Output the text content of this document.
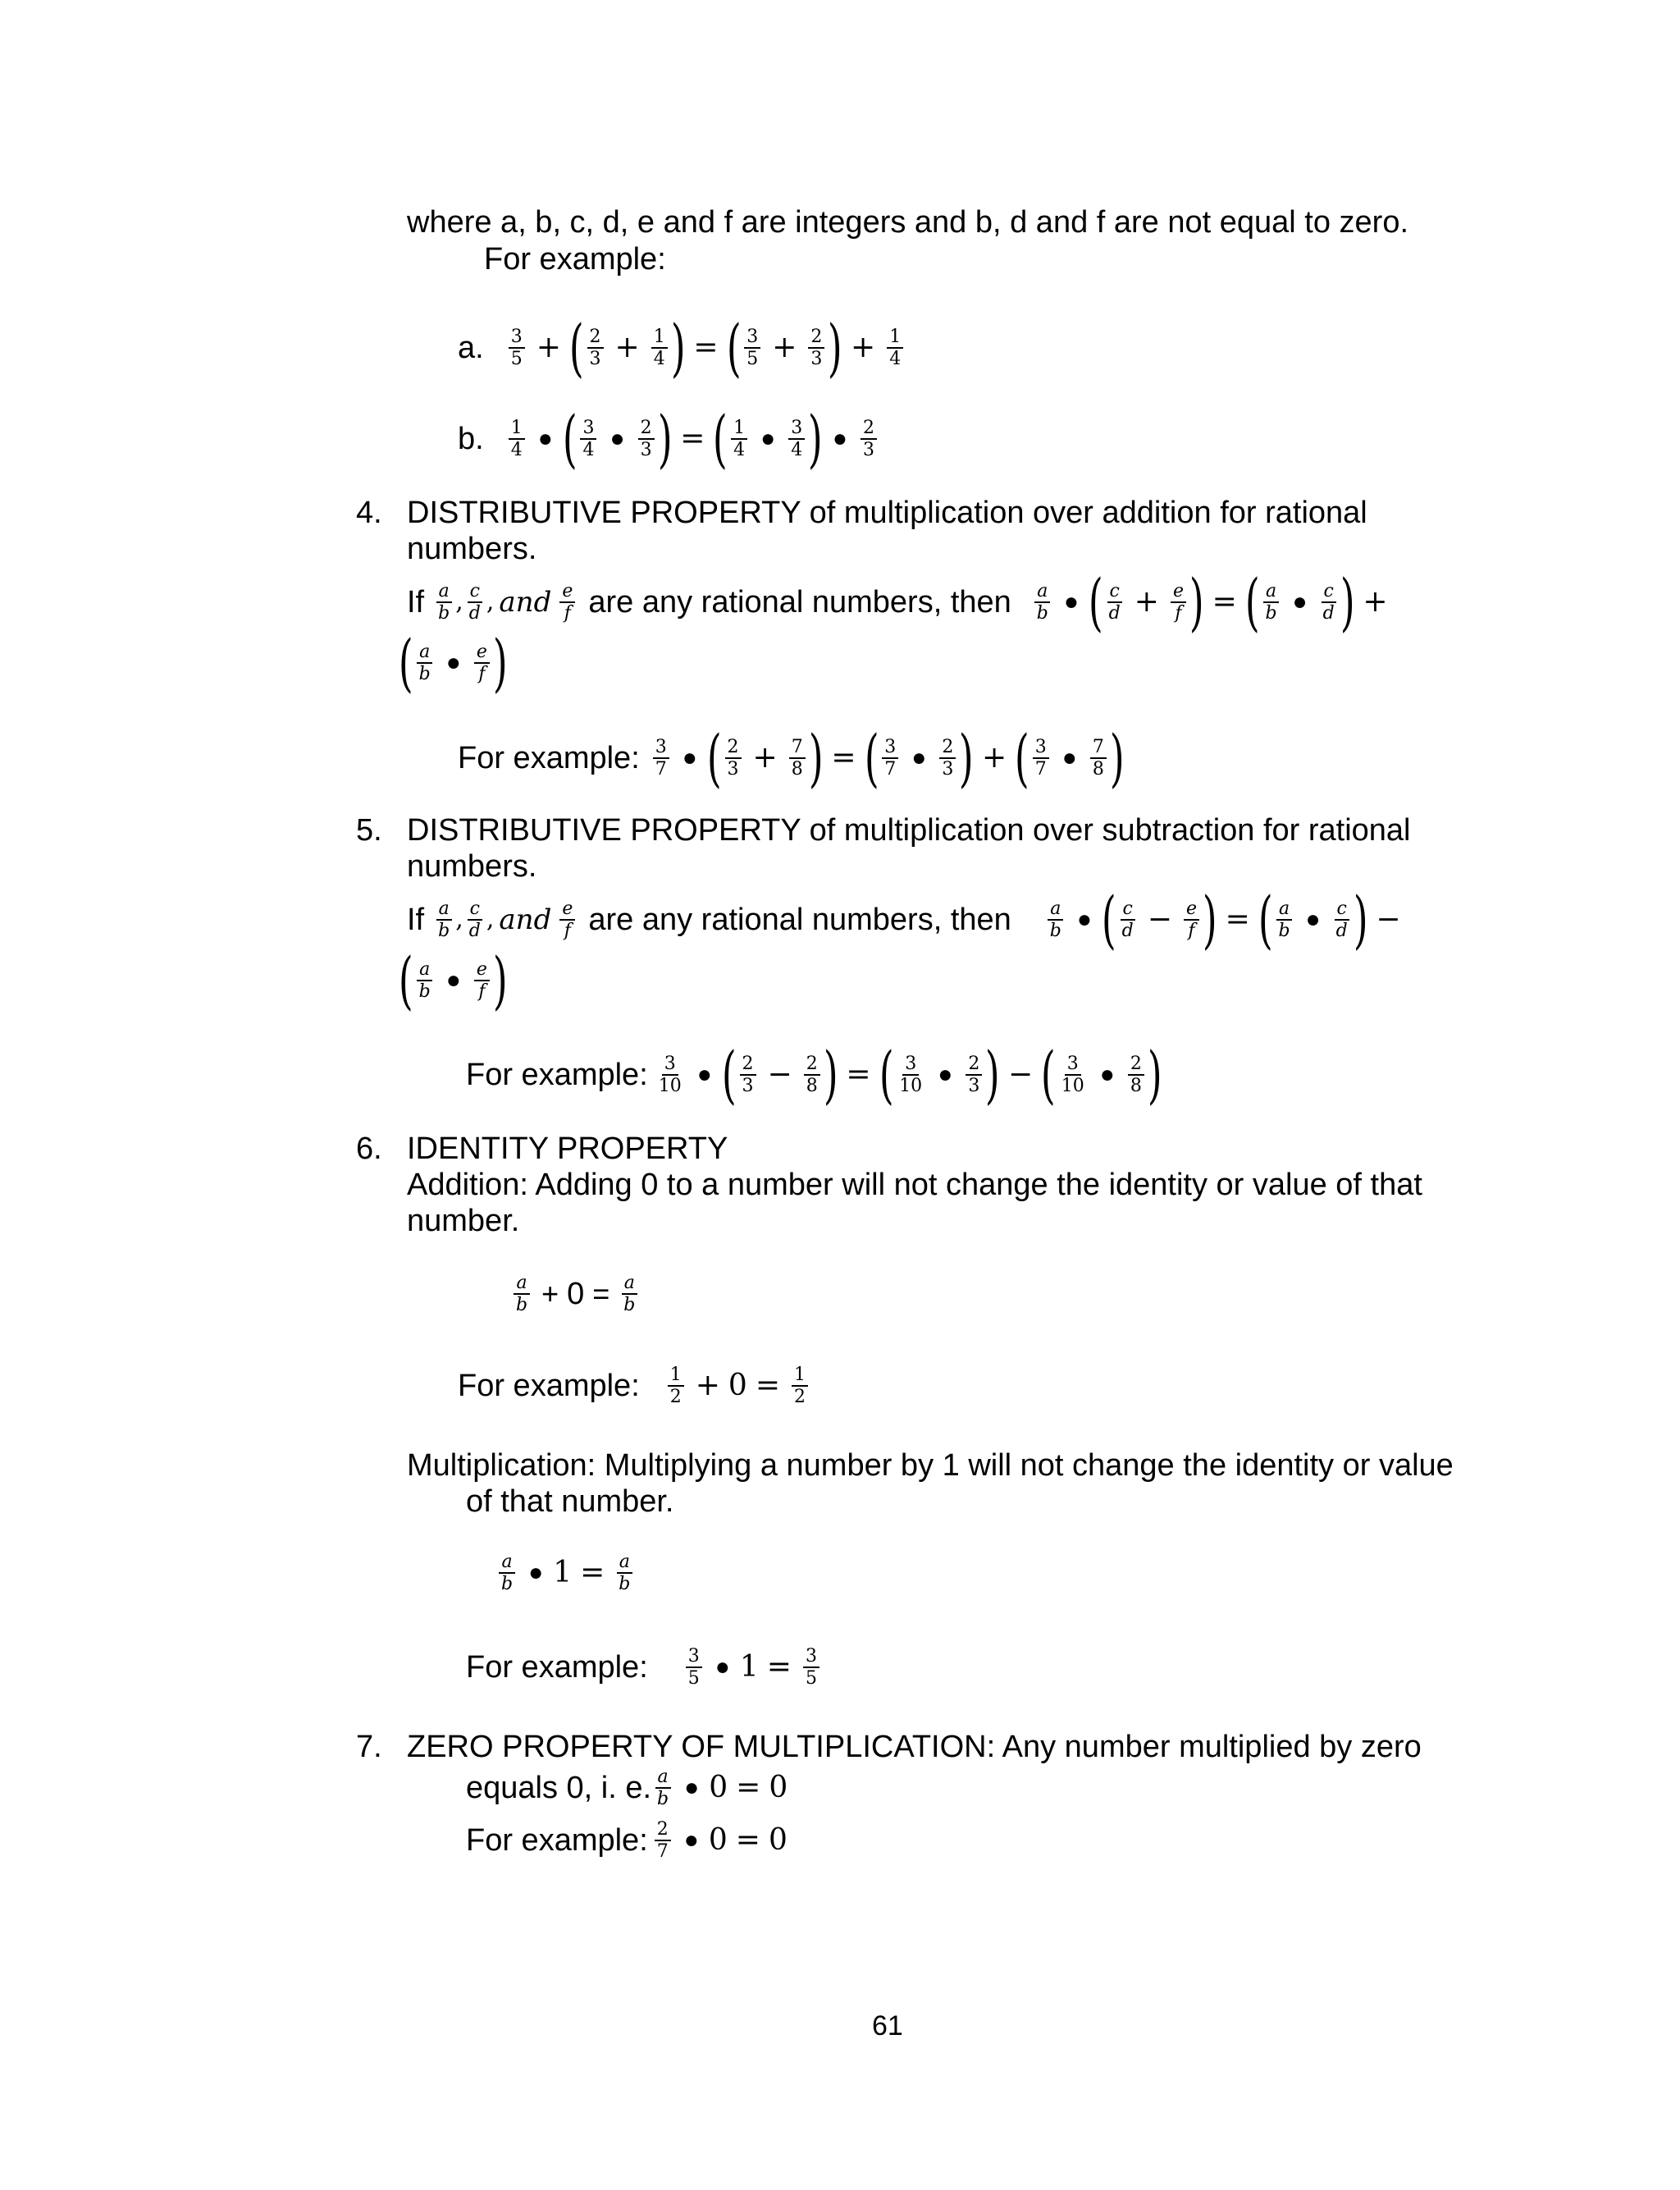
where a, b, c, d, e and f are integers and b, d and f are not equal to zero.
For example:
a. $\frac{3}{5}$ + ( $\frac{2}{3} + \frac{1}{4}$ ) = ( $\frac{3}{5} + \frac{2}{3}$ ) + $\frac{1}{4}$
b. $\frac{1}{4}$ ● ( $\frac{3}{4}$ ● $\frac{2}{3}$ ) = ( $\frac{1}{4}$ ● $\frac{3}{4}$ ) ● $\frac{2}{3}$
4. DISTRIBUTIVE PROPERTY of multiplication over addition for rational
numbers.
If $\frac{a}{b}$ , $\frac{c}{d}$ , and $\frac{e}{f}$ are any rational numbers, then $\frac{a}{b}$ ● ( $\frac{c}{d} + \frac{e}{f}$ ) = ( $\frac{a}{b}$ ● $\frac{c}{d}$ ) +
( $\frac{a}{b}$ ● $\frac{e}{f}$ )
For example: $\frac{3}{7}$ ● ( $\frac{2}{3} + \frac{7}{8}$ ) = ( $\frac{3}{7}$ ● $\frac{2}{3}$ ) + ( $\frac{3}{7}$ ● $\frac{7}{8}$ )
5. DISTRIBUTIVE PROPERTY of multiplication over subtraction for rational
numbers.
If $\frac{a}{b}$ , $\frac{c}{d}$ , and $\frac{e}{f}$ are any rational numbers, then $\frac{a}{b}$ ● ( $\frac{c}{d} - \frac{e}{f}$ ) = ( $\frac{a}{b}$ ● $\frac{c}{d}$ ) −
( $\frac{a}{b}$ ● $\frac{e}{f}$ )
For example: $\frac{3}{10}$ ● ( $\frac{2}{3} - \frac{2}{8}$ ) = ( $\frac{3}{10}$ ● $\frac{2}{3}$ ) − ( $\frac{3}{10}$ ● $\frac{2}{8}$ )
6. IDENTITY PROPERTY
Addition: Adding 0 to a number will not change the identity or value of that
number.
$\frac{a}{b} + 0 = \frac{a}{b}$
For example: $\frac{1}{2} + 0 = \frac{1}{2}$
Multiplication: Multiplying a number by 1 will not change the identity or value
of that number.
$\frac{a}{b}$ ● $1 = \frac{a}{b}$
For example: $\frac{3}{5}$ ● $1 = \frac{3}{5}$
7. ZERO PROPERTY OF MULTIPLICATION: Any number multiplied by zero
equals 0, i. e. $\frac{a}{b}$ ● 0 = 0
For example: $\frac{2}{7}$ ● 0 = 0
61
